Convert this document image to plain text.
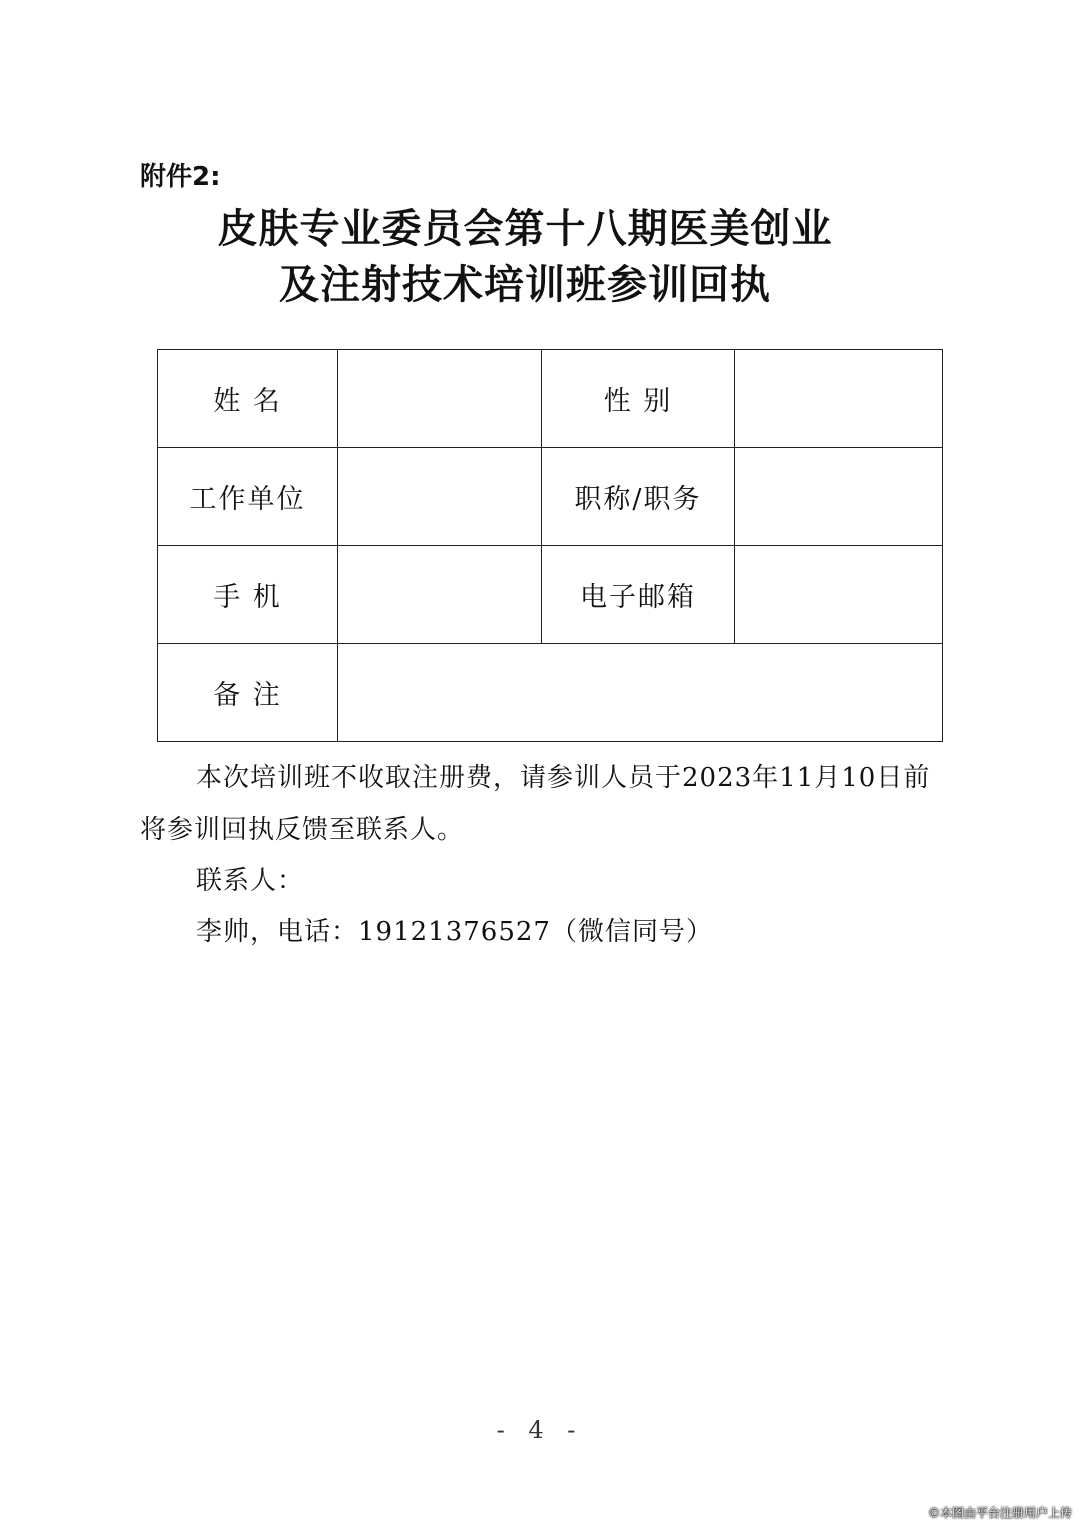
附件2:
皮肤专业委员会第十八期医美创业
及注射技术培训班参训回执
姓 名		性 别	
工作单位		职称/职务	
手 机		电子邮箱	
备 注			
本次培训班不收取注册费，请参训人员于2023年11月10日前
将参训回执反馈至联系人。
联系人：
李帅，电话：19121376527（微信同号）
- 4 -
©本图由平台注册用户上传
